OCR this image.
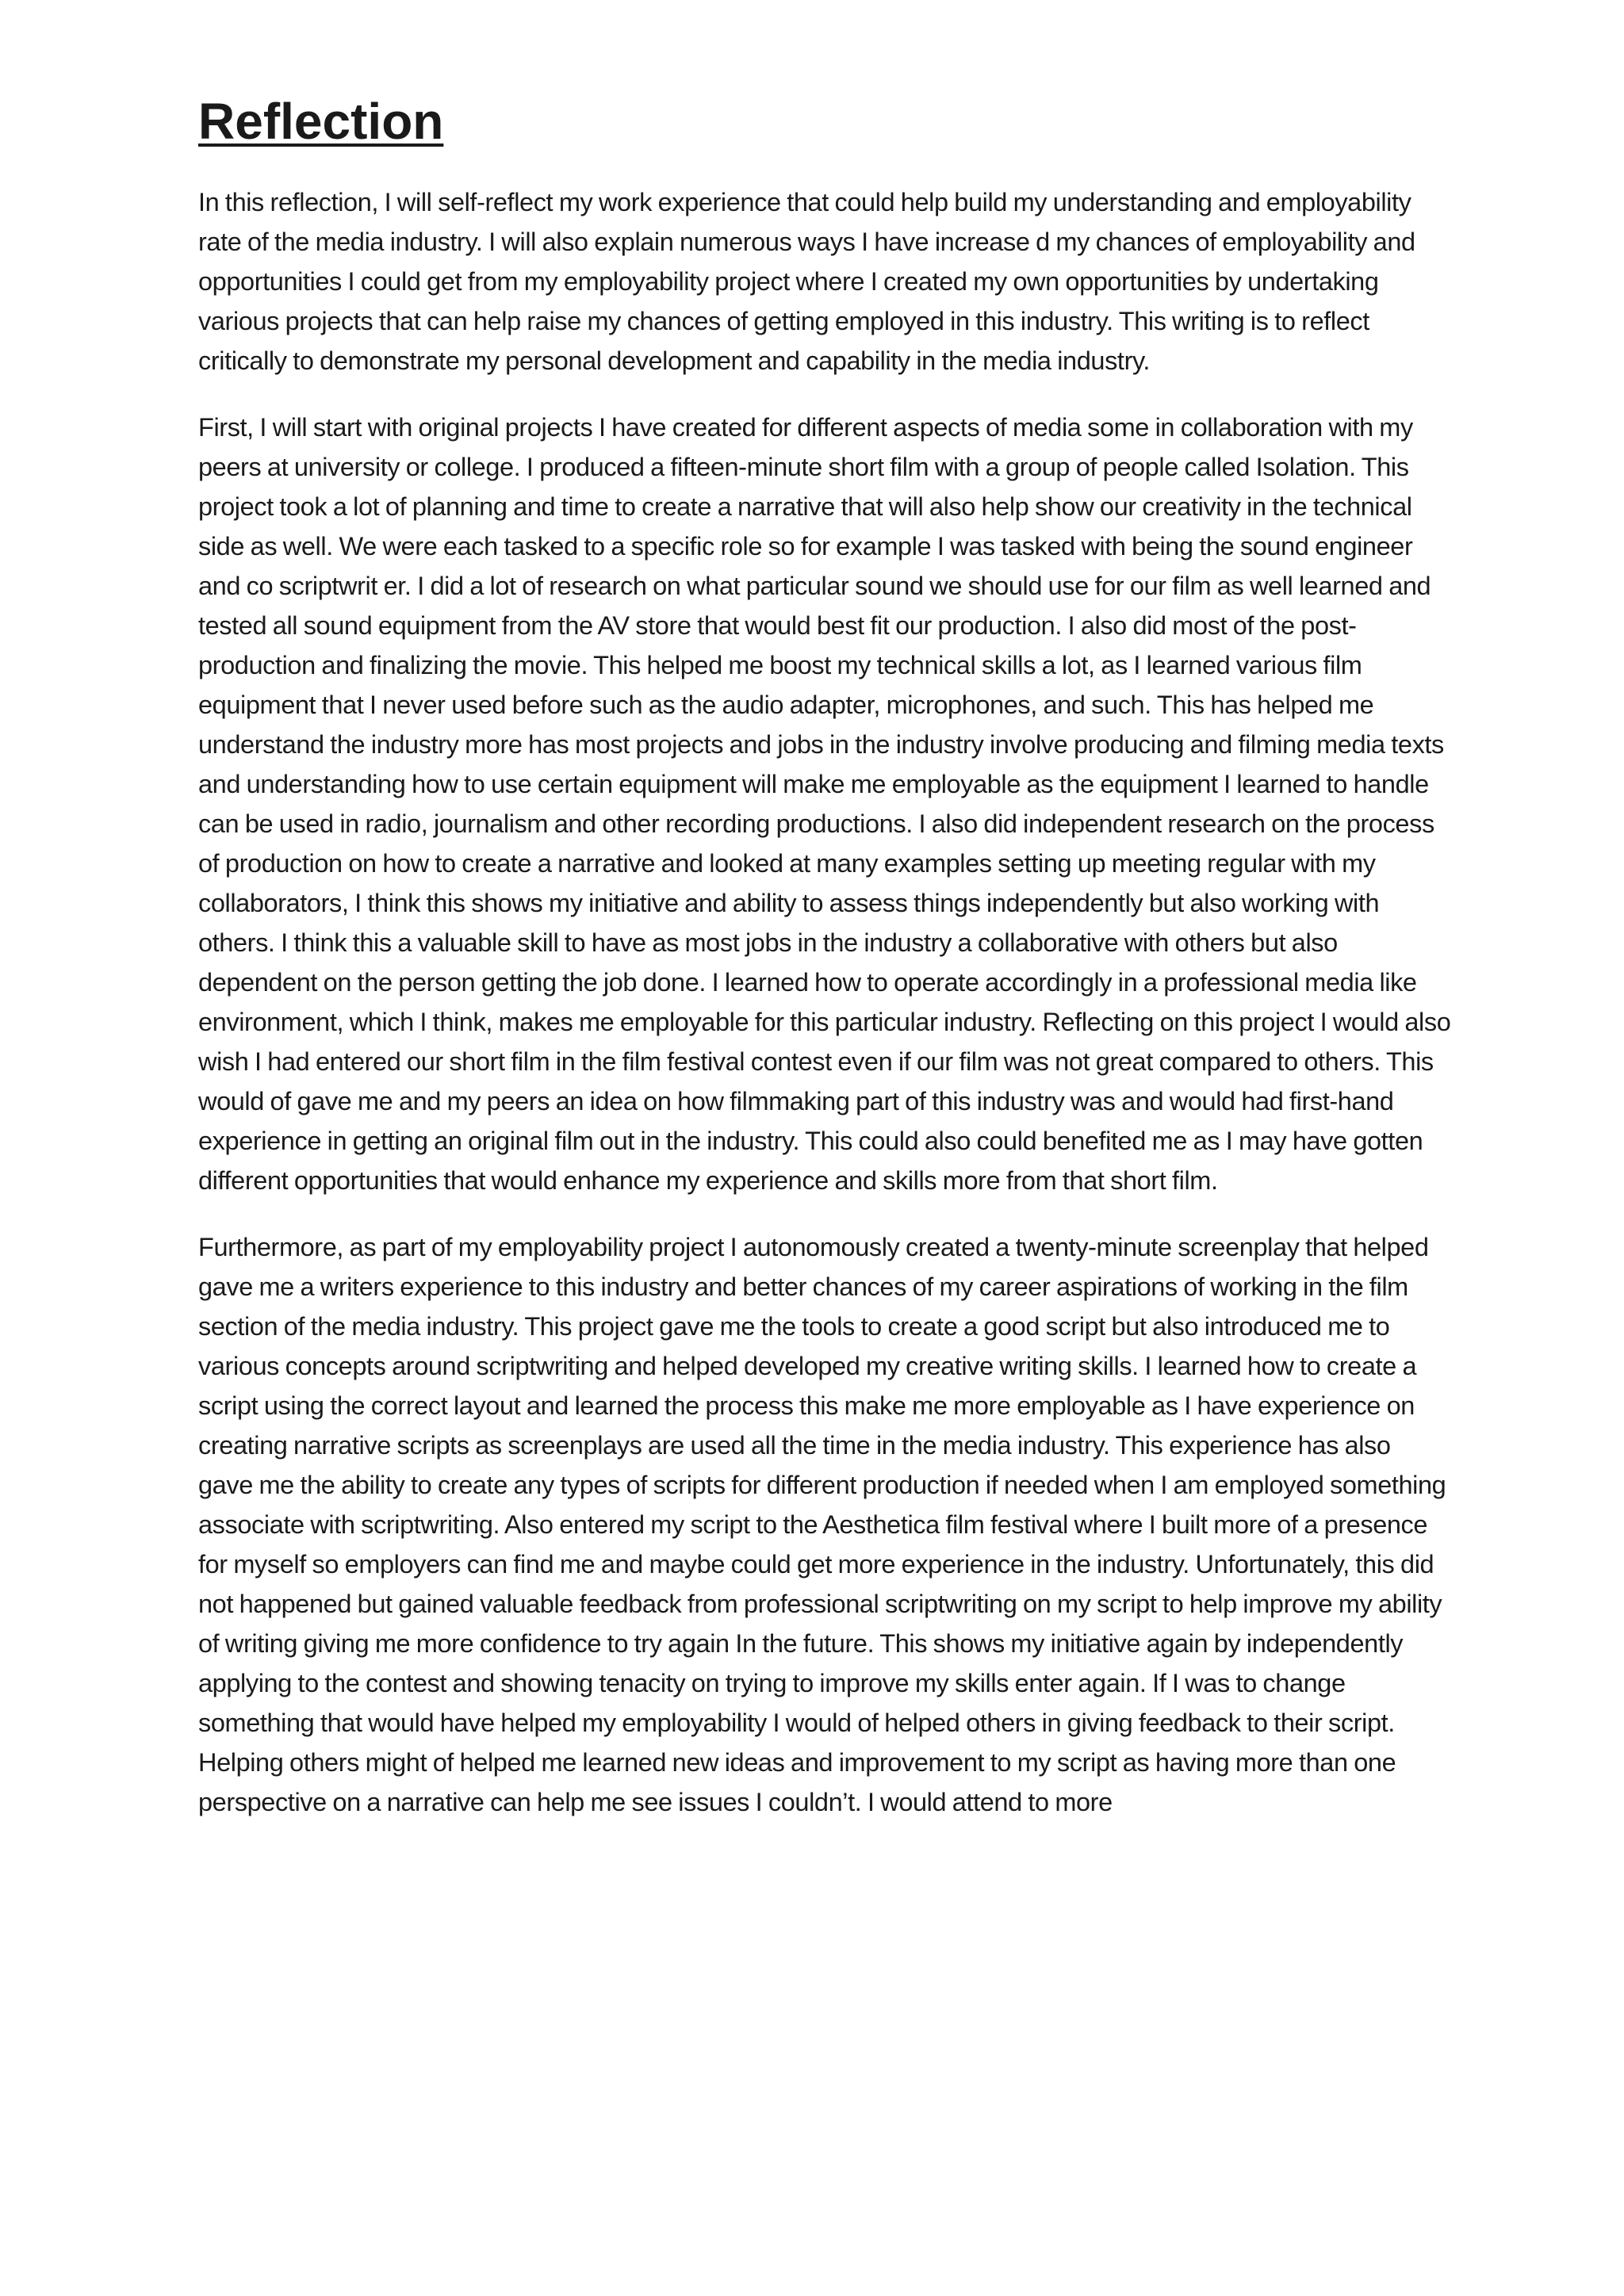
Reflection

In this reflection, I will self-reflect my work experience that could help build my understanding and employability rate of the media industry. I will also explain numerous ways I have increase d my chances of employability and opportunities I could get from my employability project where I created my own opportunities by undertaking various projects that can help raise my chances of getting employed in this industry. This writing is to reflect critically to demonstrate my personal development and capability in the media industry.

First, I will start with original projects I have created for different aspects of media some in collaboration with my peers at university or college. I produced a fifteen-minute short film with a group of people called Isolation. This project took a lot of planning and time to create a narrative that will also help show our creativity in the technical side as well. We were each tasked to a specific role so for example I was tasked with being the sound engineer and co scriptwrit er. I did a lot of research on what particular sound we should use for our film as well learned and tested all sound equipment from the AV store that would best fit our production. I also did most of the post-production and finalizing the movie. This helped me boost my technical skills a lot, as I learned various film equipment that I never used before such as the audio adapter, microphones, and such. This has helped me understand the industry more has most projects and jobs in the industry involve producing and filming media texts and understanding how to use certain equipment will make me employable as the equipment I learned to handle can be used in radio, journalism and other recording productions. I also did independent research on the process of production on how to create a narrative and looked at many examples setting up meeting regular with my collaborators, I think this shows my initiative and ability to assess things independently but also working with others. I think this a valuable skill to have as most jobs in the industry a collaborative with others but also dependent on the person getting the job done. I learned how to operate accordingly in a professional media like environment, which I think, makes me employable for this particular industry. Reflecting on this project I would also wish I had entered our short film in the film festival contest even if our film was not great compared to others. This would of gave me and my peers an idea on how filmmaking part of this industry was and would had first-hand experience in getting an original film out in the industry. This could also could benefited me as I may have gotten different opportunities that would enhance my experience and skills more from that short film.

Furthermore, as part of my employability project I autonomously created a twenty-minute screenplay that helped gave me a writers experience to this industry and better chances of my career aspirations of working in the film section of the media industry. This project gave me the tools to create a good script but also introduced me to various concepts around scriptwriting and helped developed my creative writing skills. I learned how to create a script using the correct layout and learned the process this make me more employable as I have experience on creating narrative scripts as screenplays are used all the time in the media industry. This experience has also gave me the ability to create any types of scripts for different production if needed when I am employed something associate with scriptwriting. Also entered my script to the Aesthetica film festival where I built more of a presence for myself so employers can find me and maybe could get more experience in the industry. Unfortunately, this did not happened but gained valuable feedback from professional scriptwriting on my script to help improve my ability of writing giving me more confidence to try again In the future. This shows my initiative again by independently applying to the contest and showing tenacity on trying to improve my skills enter again. If I was to change something that would have helped my employability I would of helped others in giving feedback to their script. Helping others might of helped me learned new ideas and improvement to my script as having more than one perspective on a narrative can help me see issues I couldn’t. I would attend to more
